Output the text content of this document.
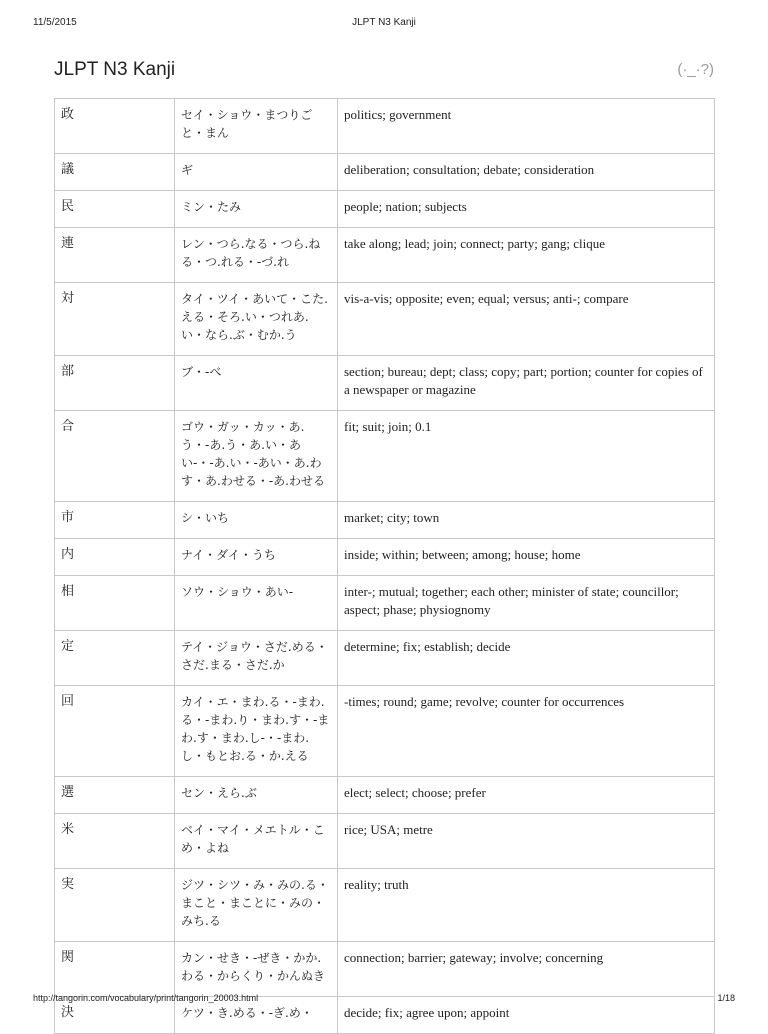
11/5/2015	JLPT N3 Kanji
JLPT N3 Kanji	(·_·?)
政	セイ・ショウ・まつりごと・まん	politics; government
議	ギ	deliberation; consultation; debate; consideration
民	ミン・たみ	people; nation; subjects
連	レン・つら.なる・つら.ねる・つ.れる・-づ.れ	take along; lead; join; connect; party; gang; clique
対	タイ・ツイ・あいて・こた.える・そろ.い・つれあ.い・なら.ぶ・むか.う	vis-a-vis; opposite; even; equal; versus; anti-; compare
部	ブ・-べ	section; bureau; dept; class; copy; part; portion; counter for copies of a newspaper or magazine
合	ゴウ・ガッ・カッ・あ.う・-あ.う・あ.い・あい-・-あ.い・-あい・あ.わす・あ.わせる・-あ.わせる	fit; suit; join; 0.1
市	シ・いち	market; city; town
内	ナイ・ダイ・うち	inside; within; between; among; house; home
相	ソウ・ショウ・あい-	inter-; mutual; together; each other; minister of state; councillor; aspect; phase; physiognomy
定	テイ・ジョウ・さだ.める・さだ.まる・さだ.か	determine; fix; establish; decide
回	カイ・エ・まわ.る・-まわ.る・-まわ.り・まわ.す・-まわ.す・まわ.し-・-まわ.し・もとお.る・か.える	-times; round; game; revolve; counter for occurrences
選	セン・えら.ぶ	elect; select; choose; prefer
米	ベイ・マイ・メエトル・こめ・よね	rice; USA; metre
実	ジツ・シツ・み・みの.る・まこと・まことに・みの・みち.る	reality; truth
関	カン・せき・-ぜき・かか.わる・からくり・かんぬき	connection; barrier; gateway; involve; concerning
決	ケツ・き.める・-ぎ.め・	decide; fix; agree upon; appoint
http://tangorin.com/vocabulary/print/tangorin_20003.html	1/18
